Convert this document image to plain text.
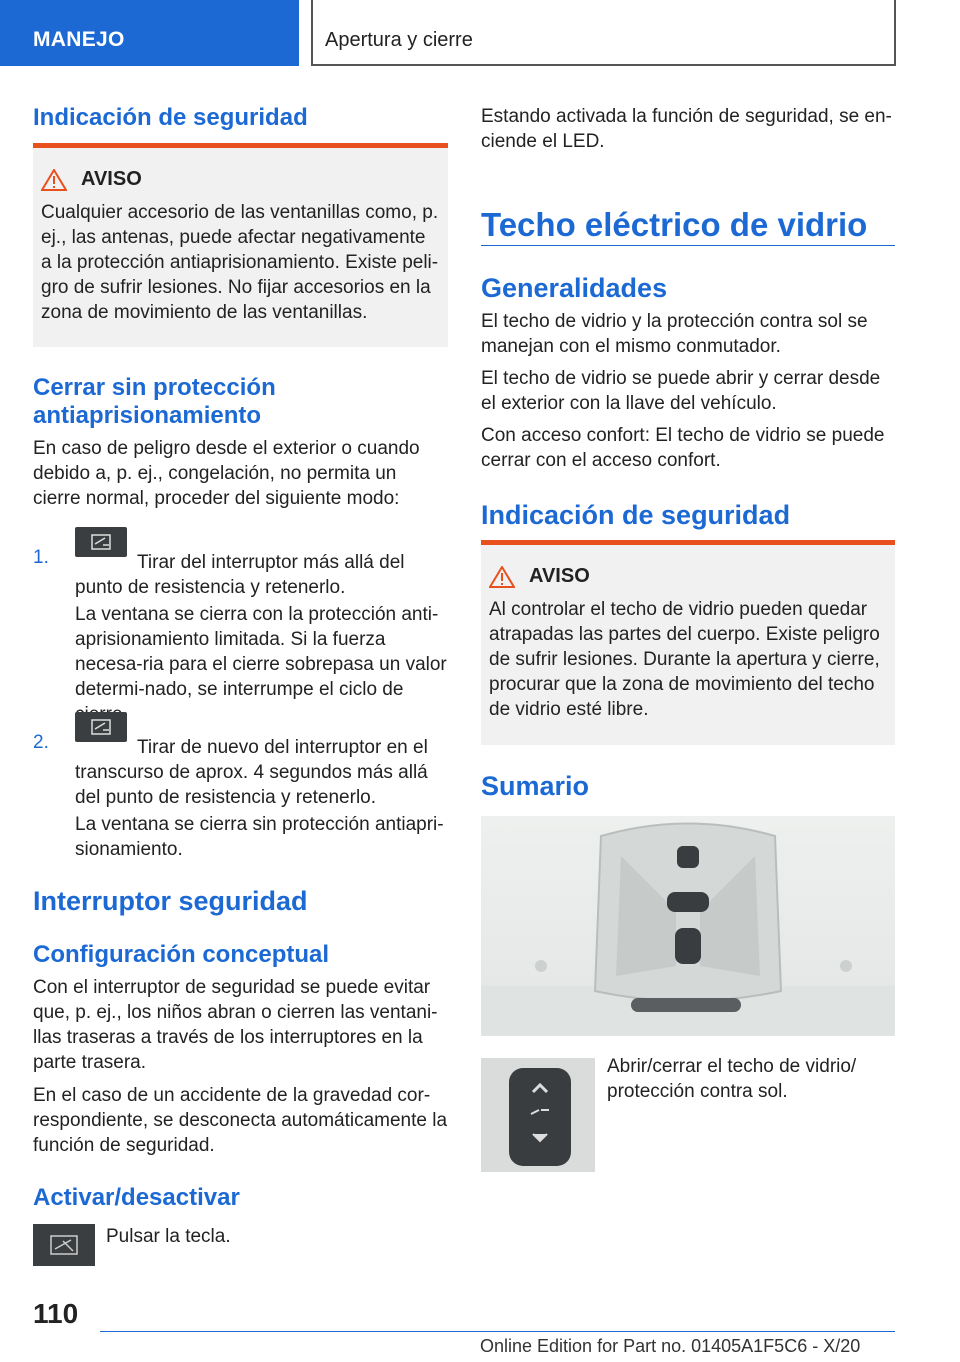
MANEJO	Apertura y cierre
Indicación de seguridad
AVISO
Cualquier accesorio de las ventanillas como, p. ej., las antenas, puede afectar negativamente a la protección antiaprisionamiento. Existe peli‐gro de sufrir lesiones. No fijar accesorios en la zona de movimiento de las ventanillas.
Cerrar sin protección antiaprisionamiento
En caso de peligro desde el exterior o cuando debido a, p. ej., congelación, no permita un cierre normal, proceder del siguiente modo:
1.	Tirar del interruptor más allá del punto de resistencia y retenerlo.
La ventana se cierra con la protección anti‐aprisionamiento limitada. Si la fuerza necesa‐ria para el cierre sobrepasa un valor determi‐nado, se interrumpe el ciclo de
2.	Tirar de nuevo del interruptor en el transcurso de aprox. 4 segundos más allá del punto de resistencia y retenerlo.
La ventana se cierra sin protección antiapri‐sionamiento.
Interruptor seguridad
Configuración conceptual
Con el interruptor de seguridad se puede evitar que, p. ej., los niños abran o cierren las ventani‐llas traseras a través de los interruptores en la parte trasera.
En el caso de un accidente de la gravedad cor‐respondiente, se desconecta automáticamente la función de seguridad.
Activar/desactivar
Pulsar la tecla.
Estando activada la función de seguridad, se en‐ciende el LED.
Techo eléctrico de vidrio
Generalidades
El techo de vidrio y la protección contra sol se manejan con el mismo conmutador.
El techo de vidrio se puede abrir y cerrar desde el exterior con la llave del vehículo.
Con acceso confort: El techo de vidrio se puede cerrar con el acceso confort.
Indicación de seguridad
AVISO
Al controlar el techo de vidrio pueden quedar atrapadas las partes del cuerpo. Existe peligro de sufrir lesiones. Durante la apertura y cierre, procurar que la zona de movimiento del techo de vidrio esté libre.
Sumario
Abrir/cerrar el techo de vidrio/ protección contra sol.
110
Online Edition for Part no. 01405A1F5C6 - X/20
